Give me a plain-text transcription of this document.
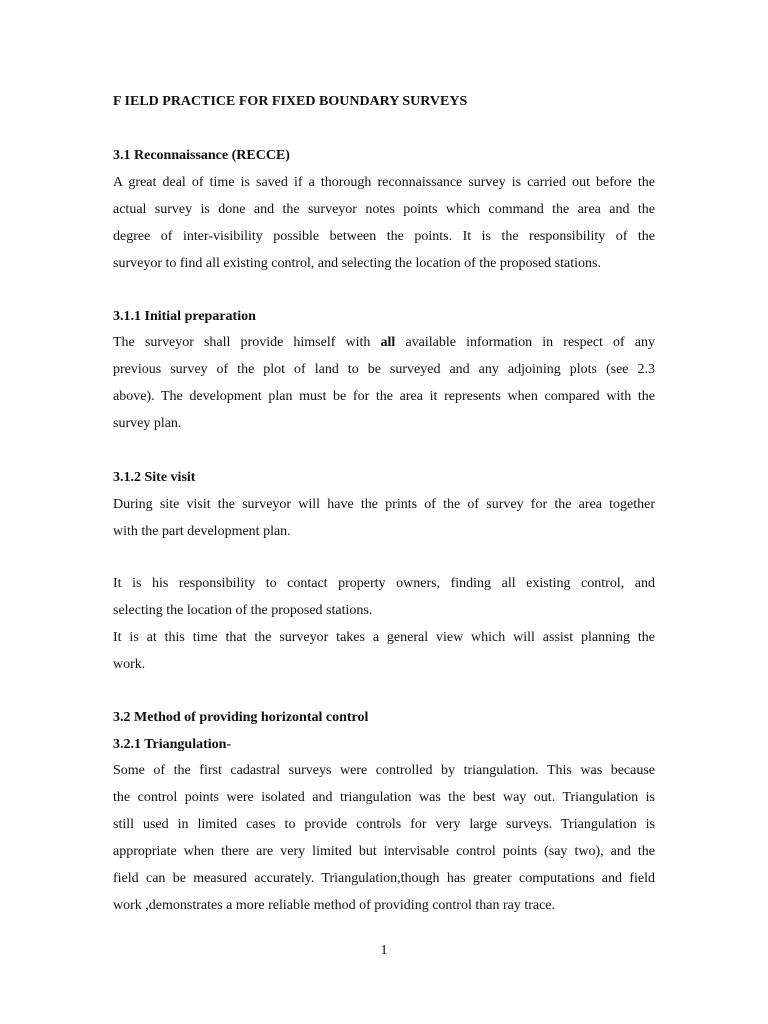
F IELD PRACTICE FOR FIXED BOUNDARY SURVEYS
3.1 Reconnaissance (RECCE)
A great deal of time is saved if a thorough reconnaissance survey is carried out before the
actual survey is done and the surveyor notes points which command the area and the
degree of inter-visibility possible between the points. It is the responsibility of the
surveyor to find all existing control, and selecting the location of the proposed stations.
3.1.1 Initial preparation
The surveyor shall provide himself with all available information in respect of any
previous survey of the plot of land to be surveyed and any adjoining plots (see 2.3
above). The development plan must be for the area it represents when compared with the
survey plan.
3.1.2 Site visit
During site visit the surveyor will have the prints of the of survey for the area together
with the part development plan.
It is his responsibility to contact property owners, finding all existing control, and
selecting the location of the proposed stations.
It is at this time that the surveyor takes a general view which will assist planning the
work.
3.2 Method of providing horizontal control
3.2.1 Triangulation-
Some of the first cadastral surveys were controlled by triangulation. This was because
the control points were isolated and triangulation was the best way out. Triangulation is
still used in limited cases to provide controls for very large surveys. Triangulation is
appropriate when there are very limited but intervisable control points (say two), and the
field can be measured accurately. Triangulation,though has greater computations and field
work ,demonstrates a more reliable method of providing control than ray trace.
1
